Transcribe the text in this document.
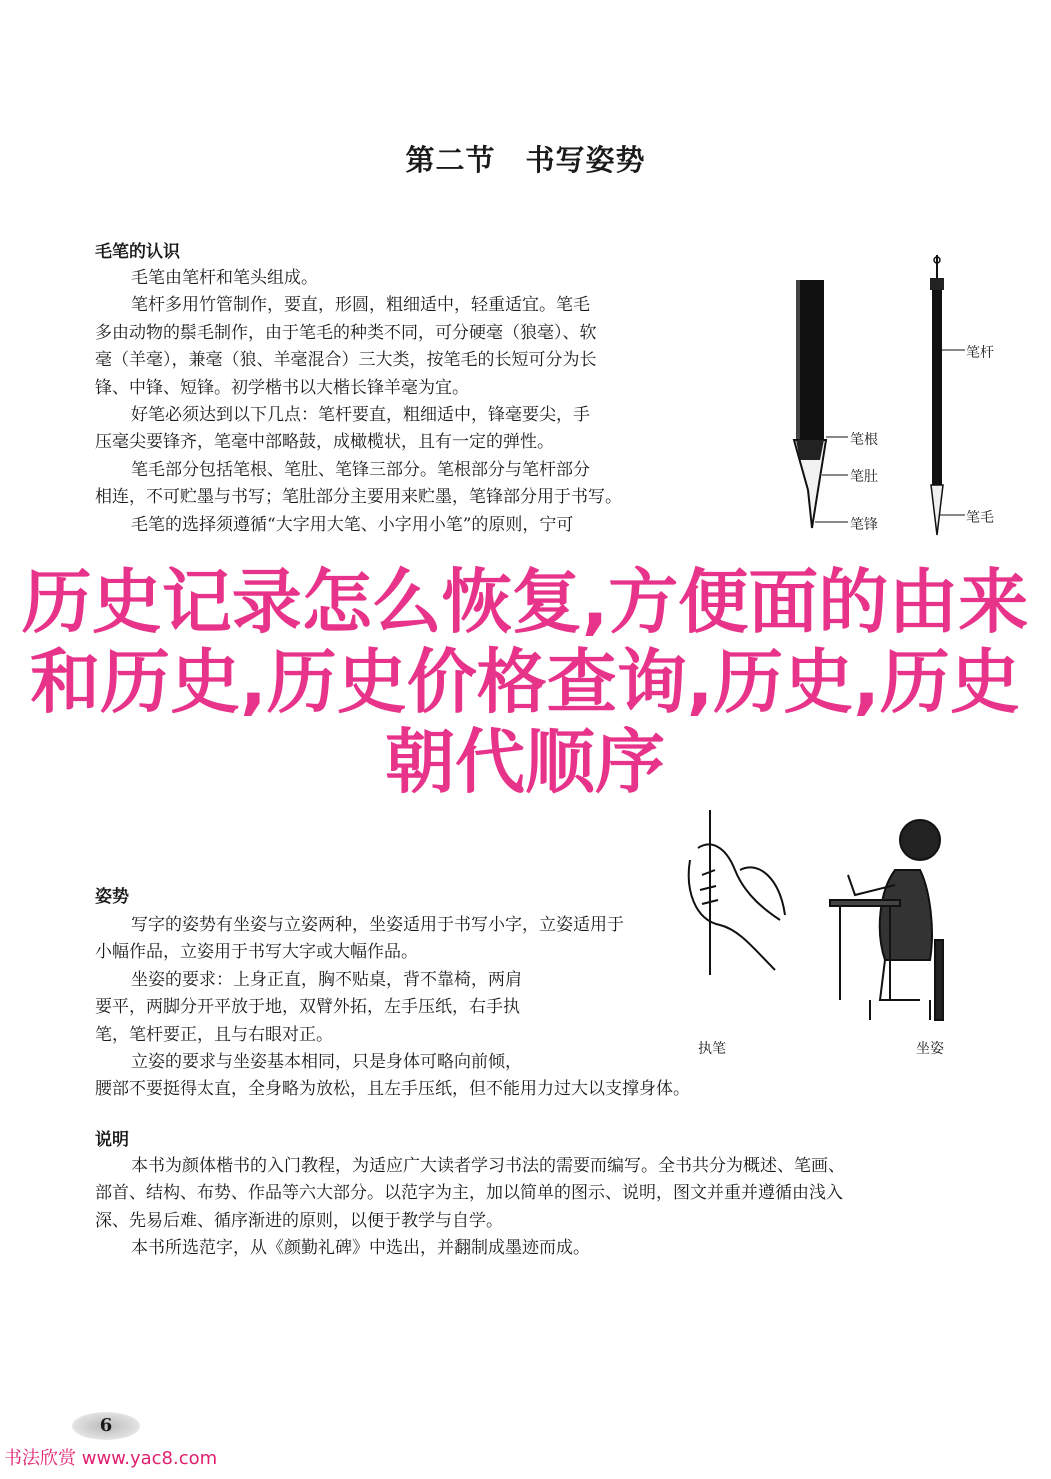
第二节　书写姿势
毛笔的认识
毛笔由笔杆和笔头组成。
笔杆多用竹管制作，要直，形圆，粗细适中，轻重适宜。笔毛
多由动物的鬃毛制作，由于笔毛的种类不同，可分硬毫（狼毫）、软
毫（羊毫），兼毫（狼、羊毫混合）三大类，按笔毛的长短可分为长
锋、中锋、短锋。初学楷书以大楷长锋羊毫为宜。
好笔必须达到以下几点：笔杆要直，粗细适中，锋毫要尖，手
压毫尖要锋齐，笔毫中部略鼓，成橄榄状，且有一定的弹性。
笔毛部分包括笔根、笔肚、笔锋三部分。笔根部分与笔杆部分
相连，不可贮墨与书写；笔肚部分主要用来贮墨，笔锋部分用于书写。
毛笔的选择须遵循“大字用大笔、小字用小笔”的原则，宁可
姿势
写字的姿势有坐姿与立姿两种，坐姿适用于书写小字，立姿适用于
小幅作品，立姿用于书写大字或大幅作品。
坐姿的要求：上身正直，胸不贴桌，背不靠椅，两肩
要平，两脚分开平放于地，双臂外拓，左手压纸，右手执
笔，笔杆要正，且与右眼对正。
立姿的要求与坐姿基本相同，只是身体可略向前倾，
腰部不要挺得太直，全身略为放松，且左手压纸，但不能用力过大以支撑身体。
说明
本书为颜体楷书的入门教程，为适应广大读者学习书法的需要而编写。全书共分为概述、笔画、
部首、结构、布势、作品等六大部分。以范字为主，加以简单的图示、说明，图文并重并遵循由浅入
深、先易后难、循序渐进的原则，以便于教学与自学。
本书所选范字，从《颜勤礼碑》中选出，并翻制成墨迹而成。
笔杆
笔根
笔肚
笔锋	笔毛
执笔	坐姿
历史记录怎么恢复,方便面的由来和历史,历史价格查询,历史,历史朝代顺序
6
书法欣赏 www.yac8.com
